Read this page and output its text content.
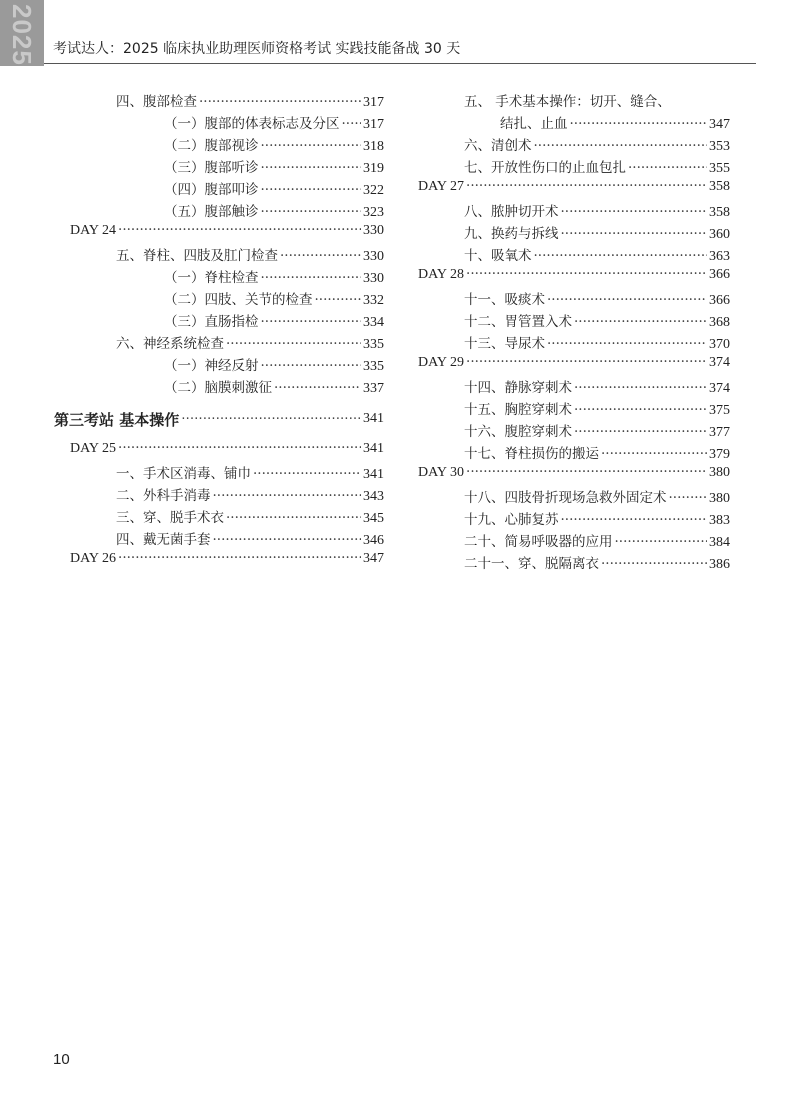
2025 考试达人：2025 临床执业助理医师资格考试 实践技能备战 30 天
四、腹部检查 ·····	317
（一）腹部的体表标志及分区 ····· 317
（二）腹部视诊 ·····	318
（三）腹部听诊 ·····	319
（四）腹部叩诊 ·····	322
（五）腹部触诊 ·····	323
DAY 24 ·····	330
五、脊柱、四肢及肛门检查 ·····	330
（一）脊柱检查 ·····	330
（二）四肢、关节的检查 ·····	332
（三）直肠指检 ·····	334
六、神经系统检查 ·····	335
（一）神经反射 ·····	335
（二）脑膜刺激征 ·····	337
第三考站 基本操作 ·····	341
DAY 25 ·····	341
一、手术区消毒、铺巾 ·····	341
二、外科手消毒 ·····	343
三、穿、脱手术衣 ·····	345
四、戴无菌手套 ·····	346
DAY 26 ·····	347
五、 手术基本操作：切开、缝合、
结扎、止血 ·····	347
六、清创术 ·····	353
七、开放性伤口的止血包扎 ·····	355
DAY 27 ·····	358
八、脓肿切开术 ·····	358
九、换药与拆线 ·····	360
十、吸氧术 ·····	363
DAY 28 ·····	366
十一、吸痰术 ·····	366
十二、胃管置入术 ·····	368
十三、导尿术 ·····	370
DAY 29 ·····	374
十四、静脉穿刺术 ·····	374
十五、胸腔穿刺术 ·····	375
十六、腹腔穿刺术 ·····	377
十七、脊柱损伤的搬运 ·····	379
DAY 30 ·····	380
十八、四肢骨折现场急救外固定术 ·····	380
十九、心肺复苏 ·····	383
二十、简易呼吸器的应用 ·····	384
二十一、穿、脱隔离衣 ·····	386
10
